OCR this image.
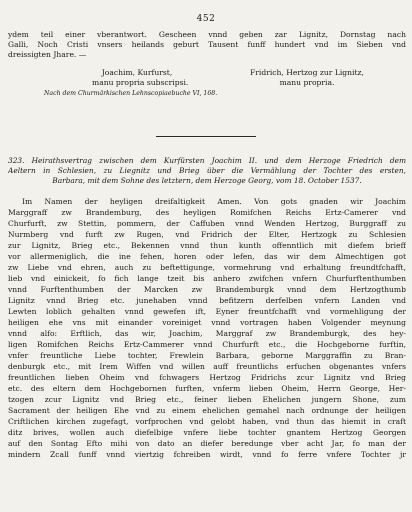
452
ydem teil einer vberantwort. Gescheen vnnd geben zar Lignitz, Dornstag nach
Galli, Noch Cristi vnsers heilands geburt Tausent funff hundert vnd im Sieben vnd
dreissigten Jhare. —
Joachim, Kurfurst,
manu propria subscripsi.
Fridrich, Hertzog zur Lignitz,
manu propria.
Nach dem Churmärkischen Lehnscopiaebuche VI, 168.
323. Heirathsvertrag zwischen dem Kurfürsten Joachim II. und dem Herzoge Friedrich dem
Aeltern in Schlesien, zu Liegnitz und Brieg über die Vermählung der Tochter des ersten,
Barbara, mit dem Sohne des letztern, dem Herzoge Georg, vom 18. October 1537.
Im Namen der heyligen dreifaltigkeit Amen. Von gots gnaden wir Joachim
Marggraff zw Brandemburg, des heyligen Romifchen Reichs Ertz-Camerer vnd
Churfurft, zw Stettin, pommern, der Caffuben vnnd Wenden Hertzog, Burggraff zu
Nurmberg vnd furft zw Rugen, vnd Fridrich der Elter, Hertzogk zu Schlesien
zur Lignitz, Brieg etc., Bekennen vnnd thun kunth offenntlich mit diefem brieff
vor allermeniglich, die ine fehen, horen oder lefen, das wir dem Almechtigen got
zw Liebe vnd ehren, auch zu beftettigunge, vormehrung vnd erhaltung freundtfchafft,
lieb vnd einickeit, fo fich lange tzeit bis anhero zwifchen vnfern Churfurftenthumben
vnnd Furftenthumben der Marcken zw Brandemburgk vnnd dem Hertzogthumb
Lignitz vnnd Brieg etc. junehaben vnnd befitzern derfelben vnfern Landen vnd
Lewten loblich gehalten vnnd gewefen ift, Eyner freuntfchafft vnd vormehligung der
heiligen ehe vns mit einander voreiniget vnnd vortragen haben Volgender meynung
vnnd alfo: Erftlich, das wir, Joachim, Marggraf zw Brandemburgk, des hey-
ligen Romifchen Reichs Ertz-Cammerer vnnd Churfurft etc., die Hochgeborne furftin,
vnfer freuntliche Liebe tochter, Frewlein Barbara, geborne Marggraffin zu Bran-
denburgk etc., mit Irem Wiffen vnd willen auff freuntlichs erfuchen obgenantes vnfers
freuntlichen lieben Oheim vnd fchwagers Hertzog Fridrichs zcur Lignitz vnd Brieg
etc. des eltern dem Hochgebornen furften, vnferm lieben Oheim, Herrn George, Her-
tzogen zcur Lignitz vnd Brieg etc., feiner lieben Ehelichen jungern Shone, zum
Sacrament der heiligen Ehe vnd zu einem ehelichen gemahel nach ordnunge der heiligen
Criftlichen kirchen zugefagt, vorfprochen vnd gelobt haben, vnd thun das hiemit in craft
ditz brives, wollen auch diefelbige vnfere liebe tochter gnantem Hertzog Georgen
auf den Sontag Efto mihi von dato an diefer beredunge vber acht Jar, fo man der
mindern Zcall funff vnnd viertzig fchreiben wirdt, vnnd fo ferre vnfere Tochter jr
